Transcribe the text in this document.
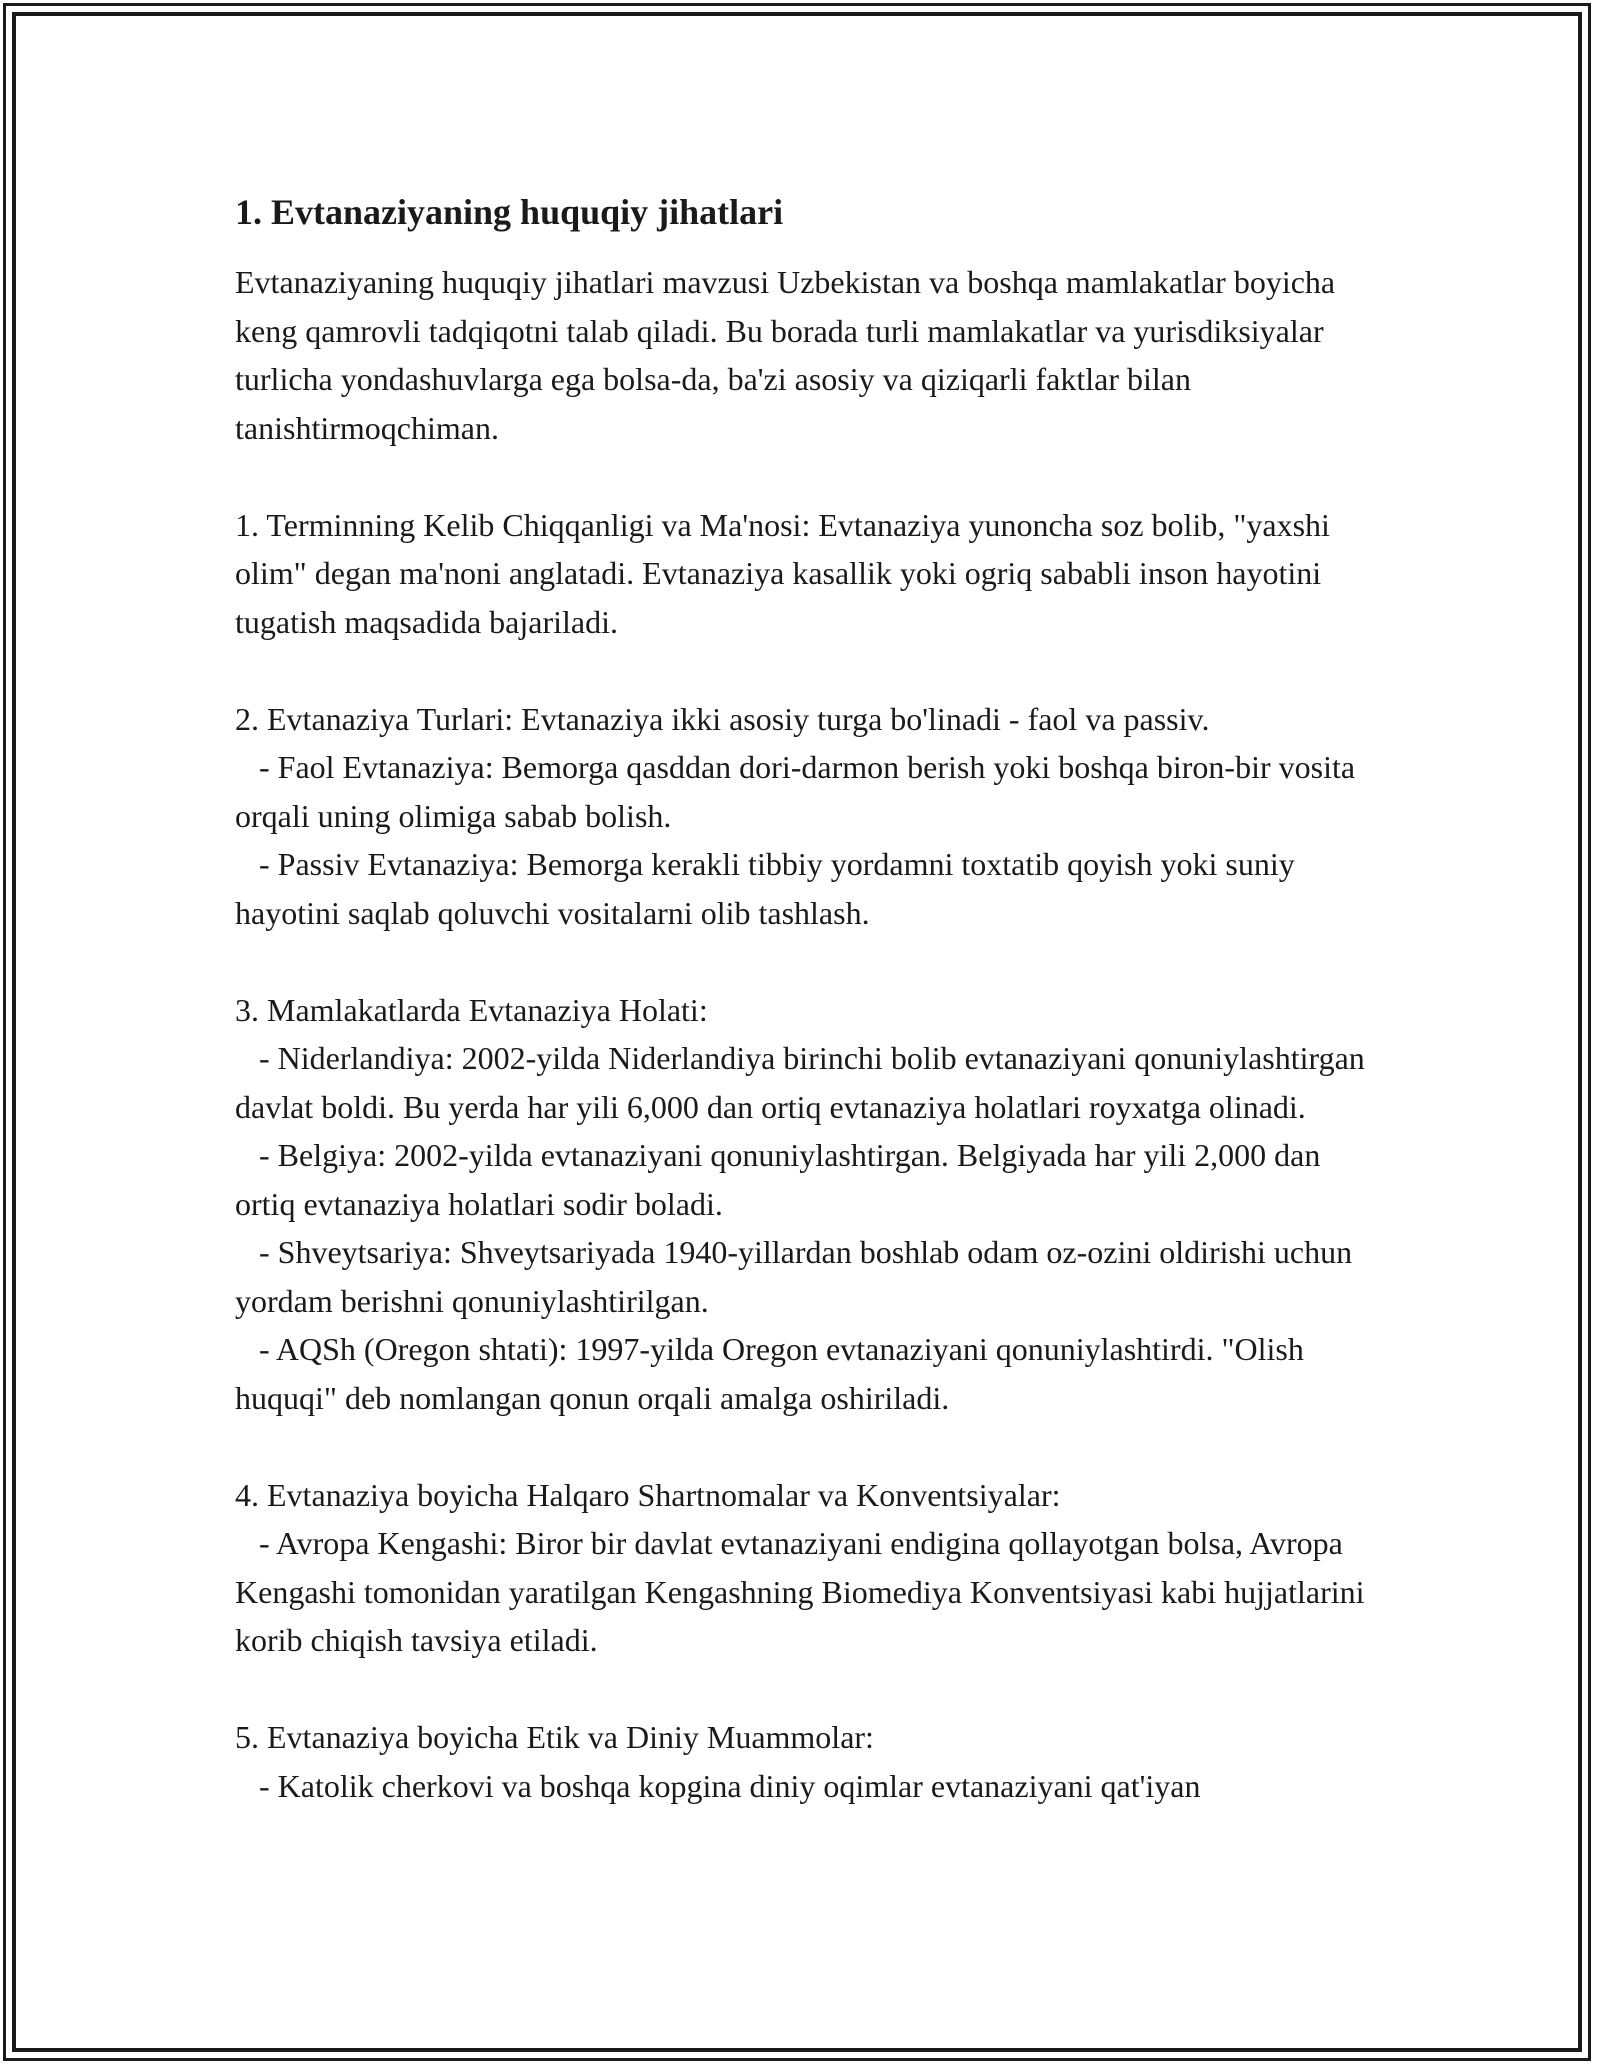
1. Evtanaziyaning huquqiy jihatlari
Evtanaziyaning huquqiy jihatlari mavzusi Uzbekistan va boshqa mamlakatlar boyicha keng qamrovli tadqiqotni talab qiladi. Bu borada turli mamlakatlar va yurisdiksiyalar turlicha yondashuvlarga ega bolsa-da, ba'zi asosiy va qiziqarli faktlar bilan tanishtirmoqchiman.
1. Terminning Kelib Chiqqanligi va Ma'nosi: Evtanaziya yunoncha soz bolib, "yaxshi olim" degan ma'noni anglatadi. Evtanaziya kasallik yoki ogriq sababli inson hayotini tugatish maqsadida bajariladi.
2. Evtanaziya Turlari: Evtanaziya ikki asosiy turga bo'linadi - faol va passiv.
- Faol Evtanaziya: Bemorga qasddan dori-darmon berish yoki boshqa biron-bir vosita orqali uning olimiga sabab bolish.
- Passiv Evtanaziya: Bemorga kerakli tibbiy yordamni toxtatib qoyish yoki suniy hayotini saqlab qoluvchi vositalarni olib tashlash.
3. Mamlakatlarda Evtanaziya Holati:
- Niderlandiya: 2002-yilda Niderlandiya birinchi bolib evtanaziyani qonuniylashtirgan davlat boldi. Bu yerda har yili 6,000 dan ortiq evtanaziya holatlari royxatga olinadi.
- Belgiya: 2002-yilda evtanaziyani qonuniylashtirgan. Belgiyada har yili 2,000 dan ortiq evtanaziya holatlari sodir boladi.
- Shveytsariya: Shveytsariyada 1940-yillardan boshlab odam oz-ozini oldirishi uchun yordam berishni qonuniylashtirilgan.
- AQSh (Oregon shtati): 1997-yilda Oregon evtanaziyani qonuniylashtirdi. "Olish huquqi" deb nomlangan qonun orqali amalga oshiriladi.
4. Evtanaziya boyicha Halqaro Shartnomalar va Konventsiyalar:
- Avropa Kengashi: Biror bir davlat evtanaziyani endigina qollayotgan bolsa, Avropa Kengashi tomonidan yaratilgan Kengashning Biomediya Konventsiyasi kabi hujjatlarini korib chiqish tavsiya etiladi.
5. Evtanaziya boyicha Etik va Diniy Muammolar:
- Katolik cherkovi va boshqa kopgina diniy oqimlar evtanaziyani qat'iyan
